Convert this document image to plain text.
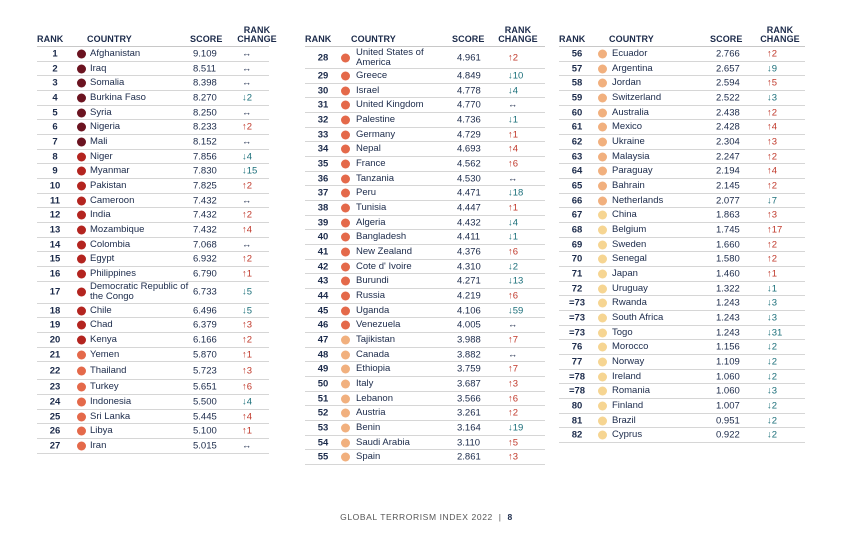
RANK	COUNTRY	SCORE
RANK
CHANGE
1	Afghanistan	9.109	↔
2	Iraq	8.511	↔
3	Somalia	8.398	↔
4	Burkina Faso	8.270	↓2
5	Syria	8.250	↔
6	Nigeria	8.233	↑2
7	Mali	8.152	↔
8	Niger	7.856	↓4
9	Myanmar	7.830	↓15
10	Pakistan	7.825	↑2
11	Cameroon	7.432	↔
12	India	7.432	↑2
13	Mozambique	7.432	↑4
14	Colombia	7.068	↔
15	Egypt	6.932	↑2
16	Philippines	6.790	↑1
17	Democratic Republic of the Congo	6.733	↓5
18	Chile	6.496	↓5
19	Chad	6.379	↑3
20	Kenya	6.166	↑2
21	Yemen	5.870	↑1
22	Thailand	5.723	↑3
23	Turkey	5.651	↑6
24	Indonesia	5.500	↓4
25	Sri Lanka	5.445	↑4
26	Libya	5.100	↑1
27	Iran	5.015	↔
RANK COUNTRY	SCORE
RANK
CHANGE
28	United States of America	4.961	↑2
29	Greece	4.849	↓10
30	Israel	4.778	↓4
31	United Kingdom	4.770	↔
32	Palestine	4.736	↓1
33	Germany	4.729	↑1
34	Nepal	4.693	↑4
35	France	4.562	↑6
36	Tanzania	4.530	↔
37	Peru	4.471	↓18
38	Tunisia	4.447	↑1
39	Algeria	4.432	↓4
40	Bangladesh	4.411	↓1
41	New Zealand	4.376	↑6
42	Cote d' Ivoire	4.310	↓2
43	Burundi	4.271	↓13
44	Russia	4.219	↑6
45	Uganda	4.106	↓59
46	Venezuela	4.005	↔
47	Tajikistan	3.988	↑7
48	Canada	3.882	↔
49	Ethiopia	3.759	↑7
50	Italy	3.687	↑3
51	Lebanon	3.566	↑6
52	Austria	3.261	↑2
53	Benin	3.164	↓19
54	Saudi Arabia	3.110	↑5
55	Spain	2.861	↑3
RANK	COUNTRY	SCORE
RANK
CHANGE
56	Ecuador	2.766	↑2
57	Argentina	2.657	↓9
58	Jordan	2.594	↑5
59	Switzerland	2.522	↓3
60	Australia	2.438	↑2
61	Mexico	2.428	↑4
62	Ukraine	2.304	↑3
63	Malaysia	2.247	↑2
64	Paraguay	2.194	↑4
65	Bahrain	2.145	↑2
66	Netherlands	2.077	↓7
67	China	1.863	↑3
68	Belgium	1.745	↑17
69	Sweden	1.660	↑2
70	Senegal	1.580	↑2
71	Japan	1.460	↑1
72	Uruguay	1.322	↓1
=73	Rwanda	1.243	↓3
=73	South Africa	1.243	↓3
=73	Togo	1.243	↓31
76	Morocco	1.156	↓2
77	Norway	1.109	↓2
=78	Ireland	1.060	↓2
=78	Romania	1.060	↓3
80	Finland	1.007	↓2
81	Brazil	0.951	↓2
82	Cyprus	0.922	↓2
GLOBAL TERRORISM INDEX 2022 | 8
